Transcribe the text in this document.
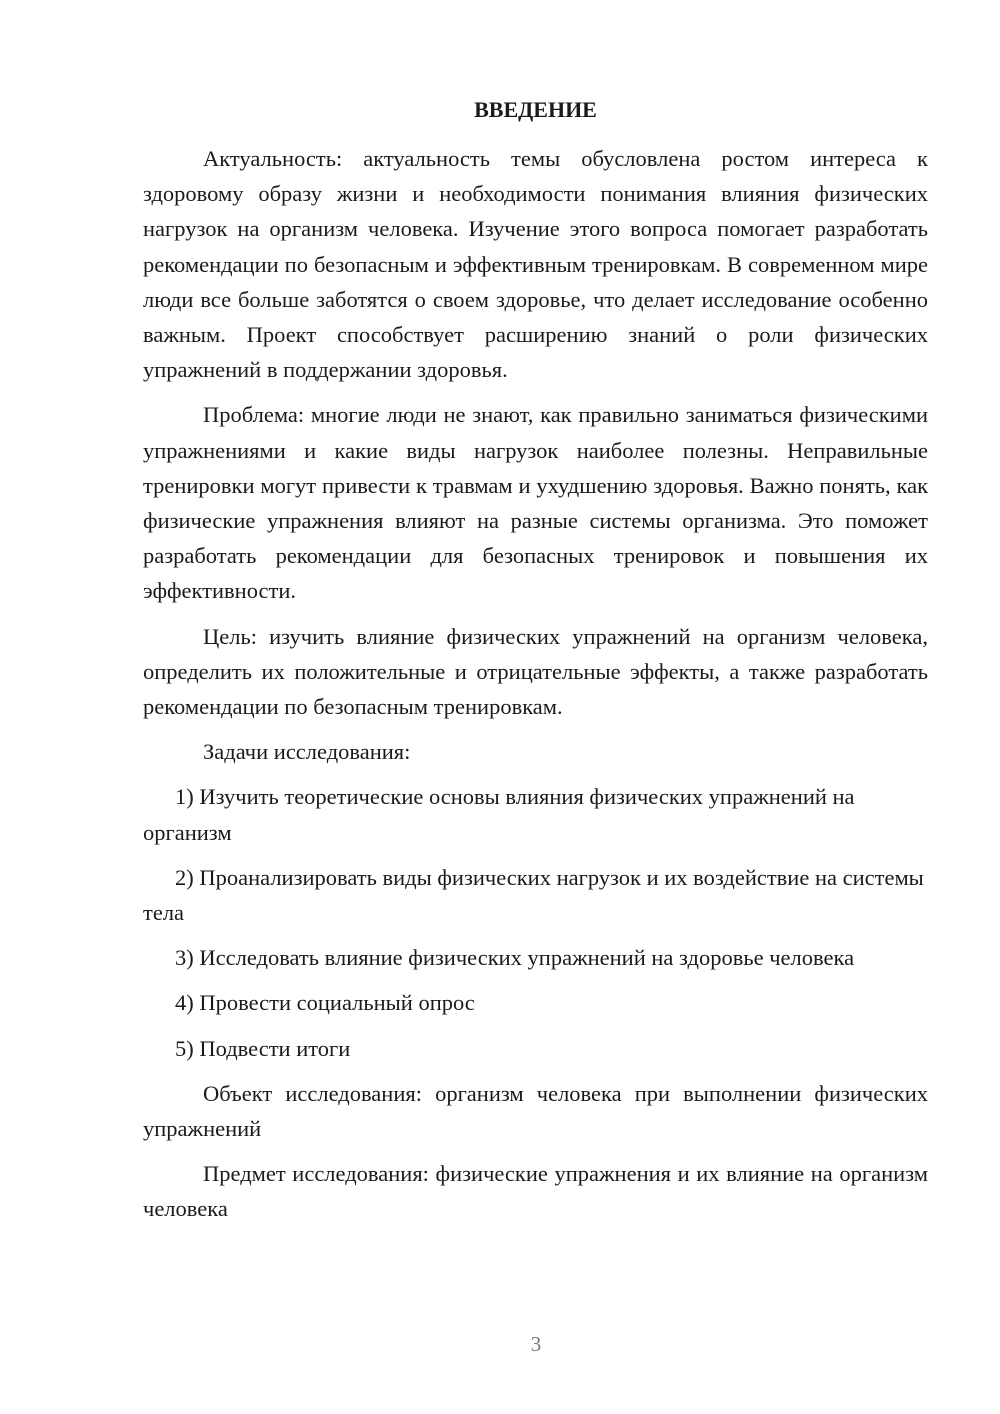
ВВЕДЕНИЕ

Актуальность: актуальность темы обусловлена ростом интереса к здоровому образу жизни и необходимости понимания влияния физических нагрузок на организм человека. Изучение этого вопроса помогает разработать рекомендации по безопасным и эффективным тренировкам. В современном мире люди все больше заботятся о своем здоровье, что делает исследование особенно важным. Проект способствует расширению знаний о роли физических упражнений в поддержании здоровья.

Проблема: многие люди не знают, как правильно заниматься физическими упражнениями и какие виды нагрузок наиболее полезны. Неправильные тренировки могут привести к травмам и ухудшению здоровья. Важно понять, как физические упражнения влияют на разные системы организма. Это поможет разработать рекомендации для безопасных тренировок и повышения их эффективности.

Цель: изучить влияние физических упражнений на организм человека, определить их положительные и отрицательные эффекты, а также разработать рекомендации по безопасным тренировкам.

Задачи исследования:

1) Изучить теоретические основы влияния физических упражнений на организм

2) Проанализировать виды физических нагрузок и их воздействие на системы тела

3) Исследовать влияние физических упражнений на здоровье человека

4) Провести социальный опрос

5) Подвести итоги

Объект исследования: организм человека при выполнении физических упражнений

Предмет исследования: физические упражнения и их влияние на организм человека

3
